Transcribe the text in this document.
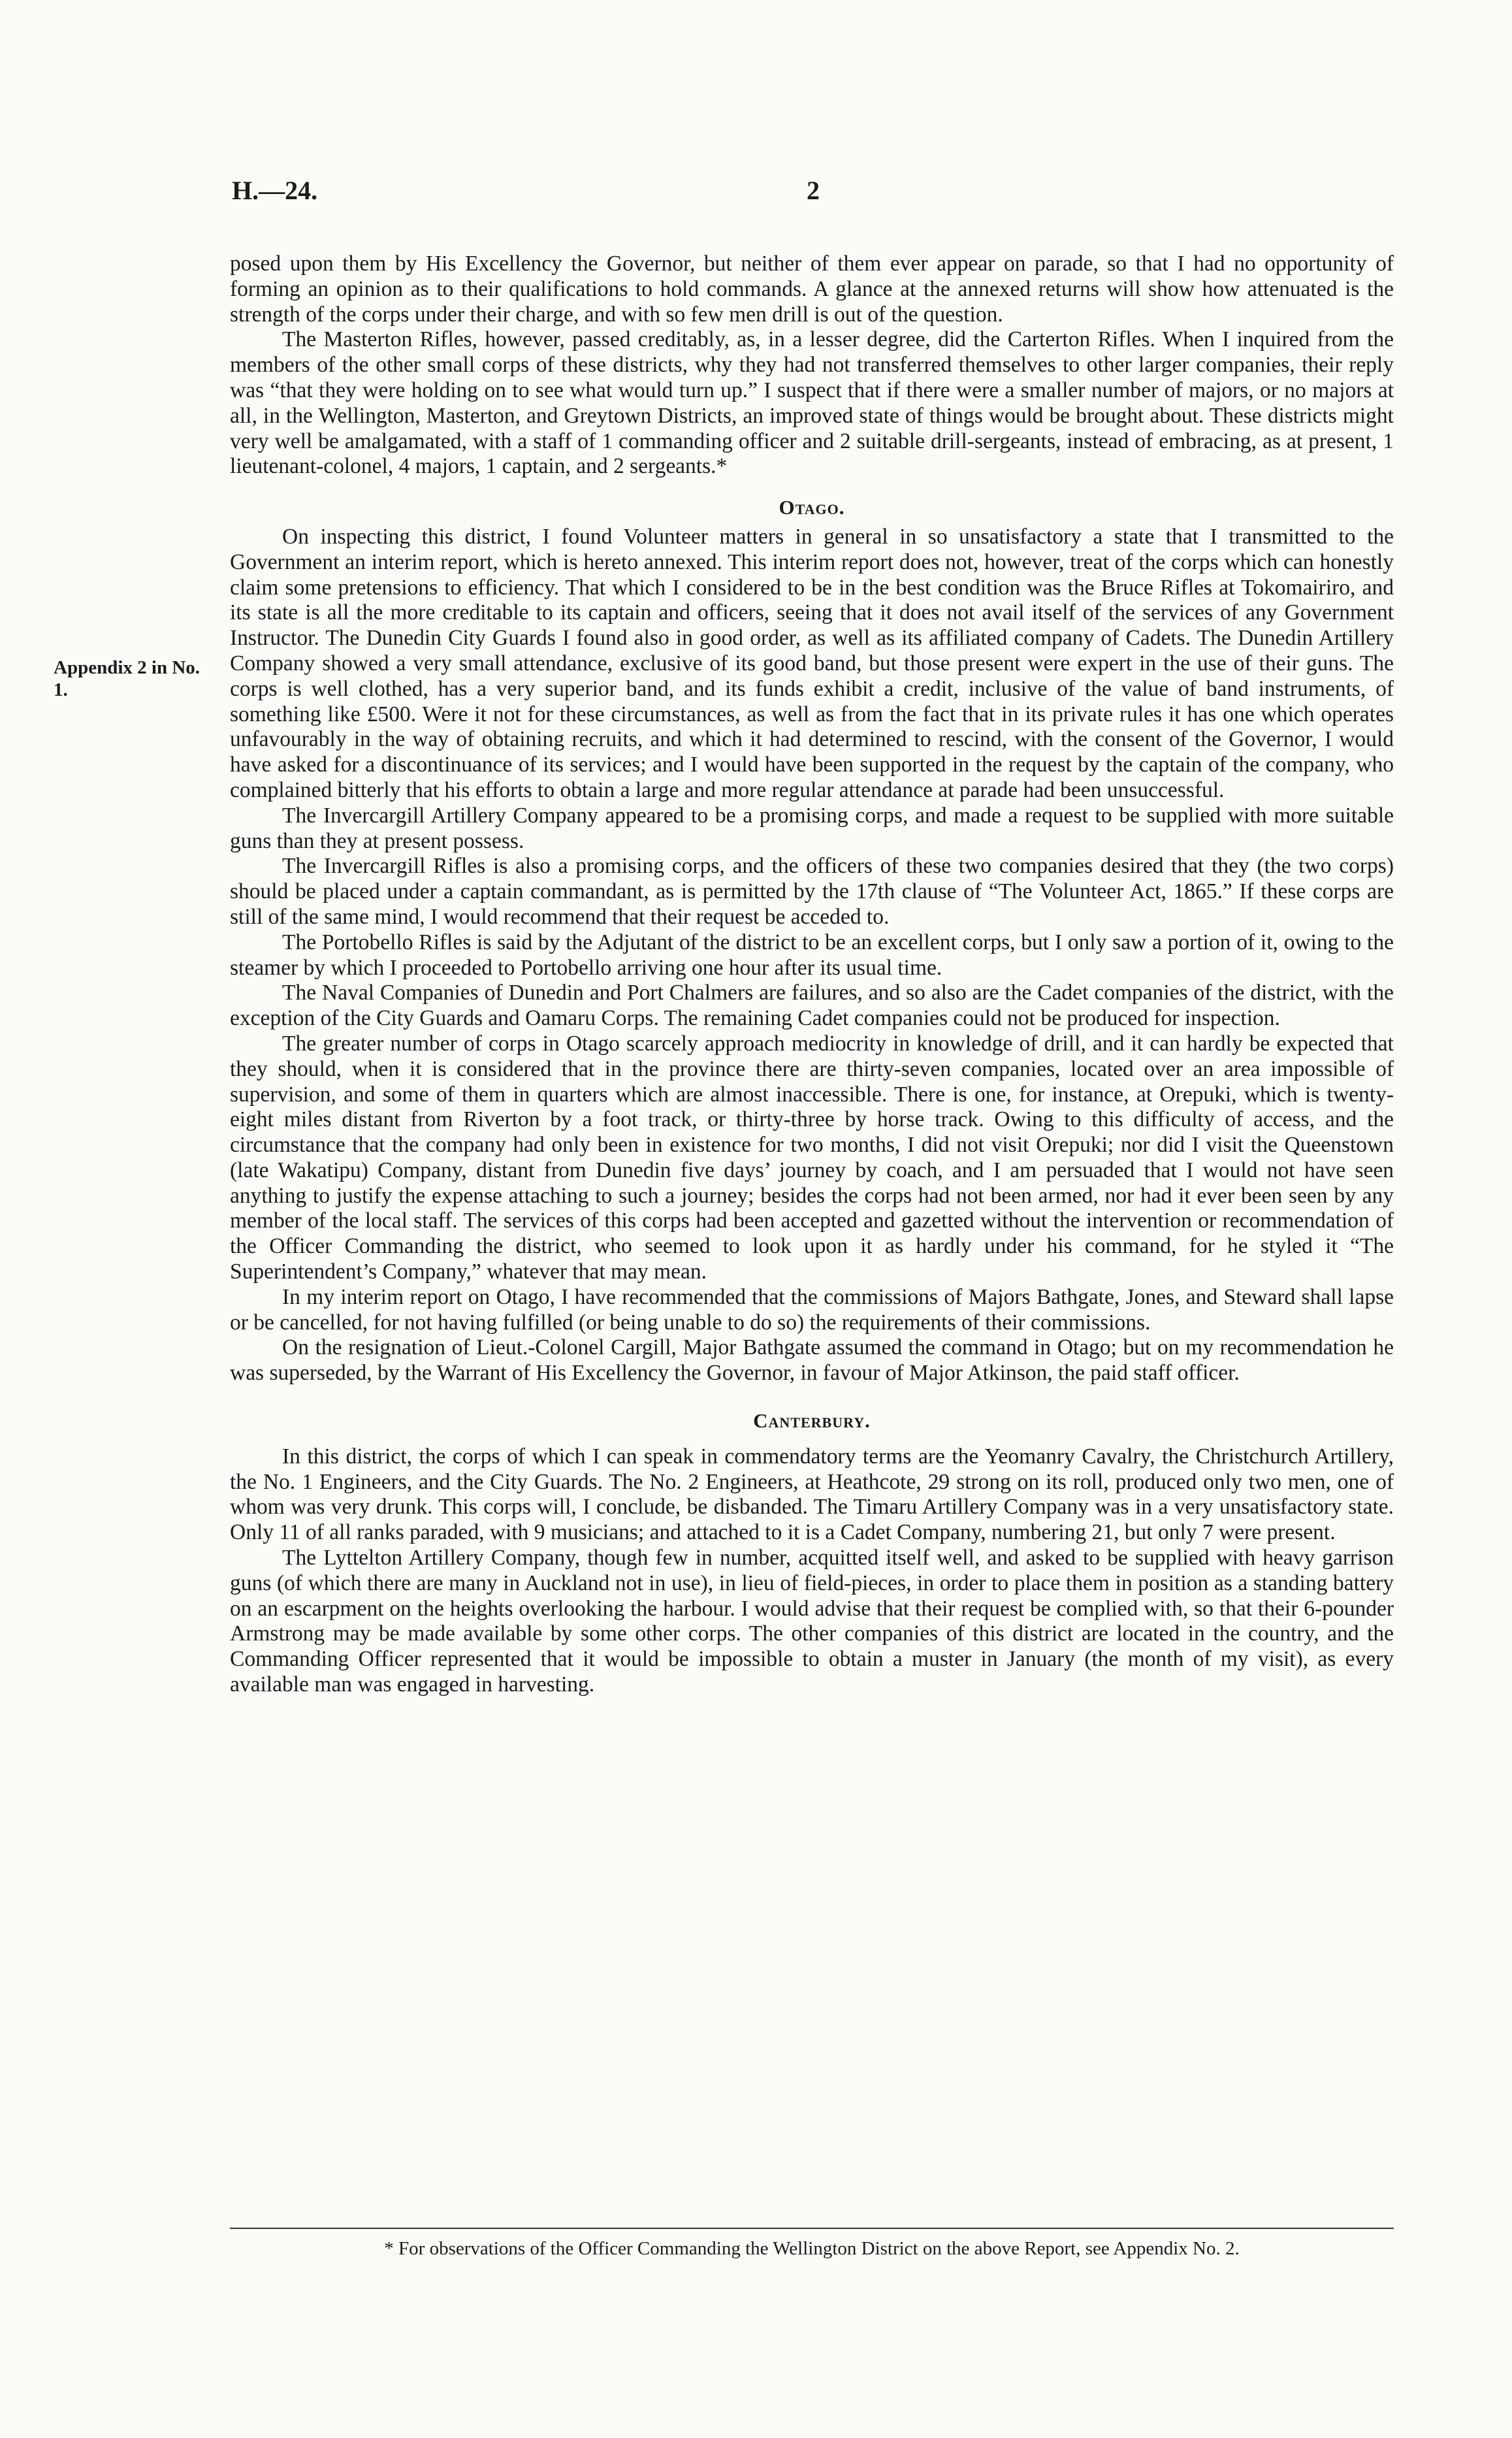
H.—24.	2
Appendix 2 in No. 1.

posed upon them by His Excellency the Governor, but neither of them ever appear on parade, so that I had no opportunity of forming an opinion as to their qualifications to hold commands. A glance at the annexed returns will show how attenuated is the strength of the corps under their charge, and with so few men drill is out of the question.

The Masterton Rifles, however, passed creditably, as, in a lesser degree, did the Carterton Rifles. When I inquired from the members of the other small corps of these districts, why they had not transferred themselves to other larger companies, their reply was “that they were holding on to see what would turn up.” I suspect that if there were a smaller number of majors, or no majors at all, in the Wellington, Masterton, and Greytown Districts, an improved state of things would be brought about. These districts might very well be amalgamated, with a staff of 1 commanding officer and 2 suitable drill-sergeants, instead of embracing, as at present, 1 lieutenant-colonel, 4 majors, 1 captain, and 2 sergeants.*

Otago.

On inspecting this district, I found Volunteer matters in general in so unsatisfactory a state that I transmitted to the Government an interim report, which is hereto annexed. This interim report does not, however, treat of the corps which can honestly claim some pretensions to efficiency. That which I considered to be in the best condition was the Bruce Rifles at Tokomairiro, and its state is all the more creditable to its captain and officers, seeing that it does not avail itself of the services of any Government Instructor. The Dunedin City Guards I found also in good order, as well as its affiliated company of Cadets. The Dunedin Artillery Company showed a very small attendance, exclusive of its good band, but those present were expert in the use of their guns. The corps is well clothed, has a very superior band, and its funds exhibit a credit, inclusive of the value of band instruments, of something like £500. Were it not for these circumstances, as well as from the fact that in its private rules it has one which operates unfavourably in the way of obtaining recruits, and which it had determined to rescind, with the consent of the Governor, I would have asked for a discontinuance of its services; and I would have been supported in the request by the captain of the company, who complained bitterly that his efforts to obtain a large and more regular attendance at parade had been unsuccessful.

The Invercargill Artillery Company appeared to be a promising corps, and made a request to be supplied with more suitable guns than they at present possess.

The Invercargill Rifles is also a promising corps, and the officers of these two companies desired that they (the two corps) should be placed under a captain commandant, as is permitted by the 17th clause of “The Volunteer Act, 1865.” If these corps are still of the same mind, I would recommend that their request be acceded to.

The Portobello Rifles is said by the Adjutant of the district to be an excellent corps, but I only saw a portion of it, owing to the steamer by which I proceeded to Portobello arriving one hour after its usual time.

The Naval Companies of Dunedin and Port Chalmers are failures, and so also are the Cadet companies of the district, with the exception of the City Guards and Oamaru Corps. The remaining Cadet companies could not be produced for inspection.

The greater number of corps in Otago scarcely approach mediocrity in knowledge of drill, and it can hardly be expected that they should, when it is considered that in the province there are thirty-seven companies, located over an area impossible of supervision, and some of them in quarters which are almost inaccessible. There is one, for instance, at Orepuki, which is twenty-eight miles distant from Riverton by a foot track, or thirty-three by horse track. Owing to this difficulty of access, and the circumstance that the company had only been in existence for two months, I did not visit Orepuki; nor did I visit the Queenstown (late Wakatipu) Company, distant from Dunedin five days’ journey by coach, and I am persuaded that I would not have seen anything to justify the expense attaching to such a journey; besides the corps had not been armed, nor had it ever been seen by any member of the local staff. The services of this corps had been accepted and gazetted without the intervention or recommendation of the Officer Commanding the district, who seemed to look upon it as hardly under his command, for he styled it “The Superintendent’s Company,” whatever that may mean.

In my interim report on Otago, I have recommended that the commissions of Majors Bathgate, Jones, and Steward shall lapse or be cancelled, for not having fulfilled (or being unable to do so) the requirements of their commissions.

On the resignation of Lieut.-Colonel Cargill, Major Bathgate assumed the command in Otago; but on my recommendation he was superseded, by the Warrant of His Excellency the Governor, in favour of Major Atkinson, the paid staff officer.

Canterbury.

In this district, the corps of which I can speak in commendatory terms are the Yeomanry Cavalry, the Christchurch Artillery, the No. 1 Engineers, and the City Guards. The No. 2 Engineers, at Heathcote, 29 strong on its roll, produced only two men, one of whom was very drunk. This corps will, I conclude, be disbanded. The Timaru Artillery Company was in a very unsatisfactory state. Only 11 of all ranks paraded, with 9 musicians; and attached to it is a Cadet Company, numbering 21, but only 7 were present.

The Lyttelton Artillery Company, though few in number, acquitted itself well, and asked to be supplied with heavy garrison guns (of which there are many in Auckland not in use), in lieu of field-pieces, in order to place them in position as a standing battery on an escarpment on the heights overlooking the harbour. I would advise that their request be complied with, so that their 6-pounder Armstrong may be made available by some other corps. The other companies of this district are located in the country, and the Commanding Officer represented that it would be impossible to obtain a muster in January (the month of my visit), as every available man was engaged in harvesting.

* For observations of the Officer Commanding the Wellington District on the above Report, see Appendix No. 2.
